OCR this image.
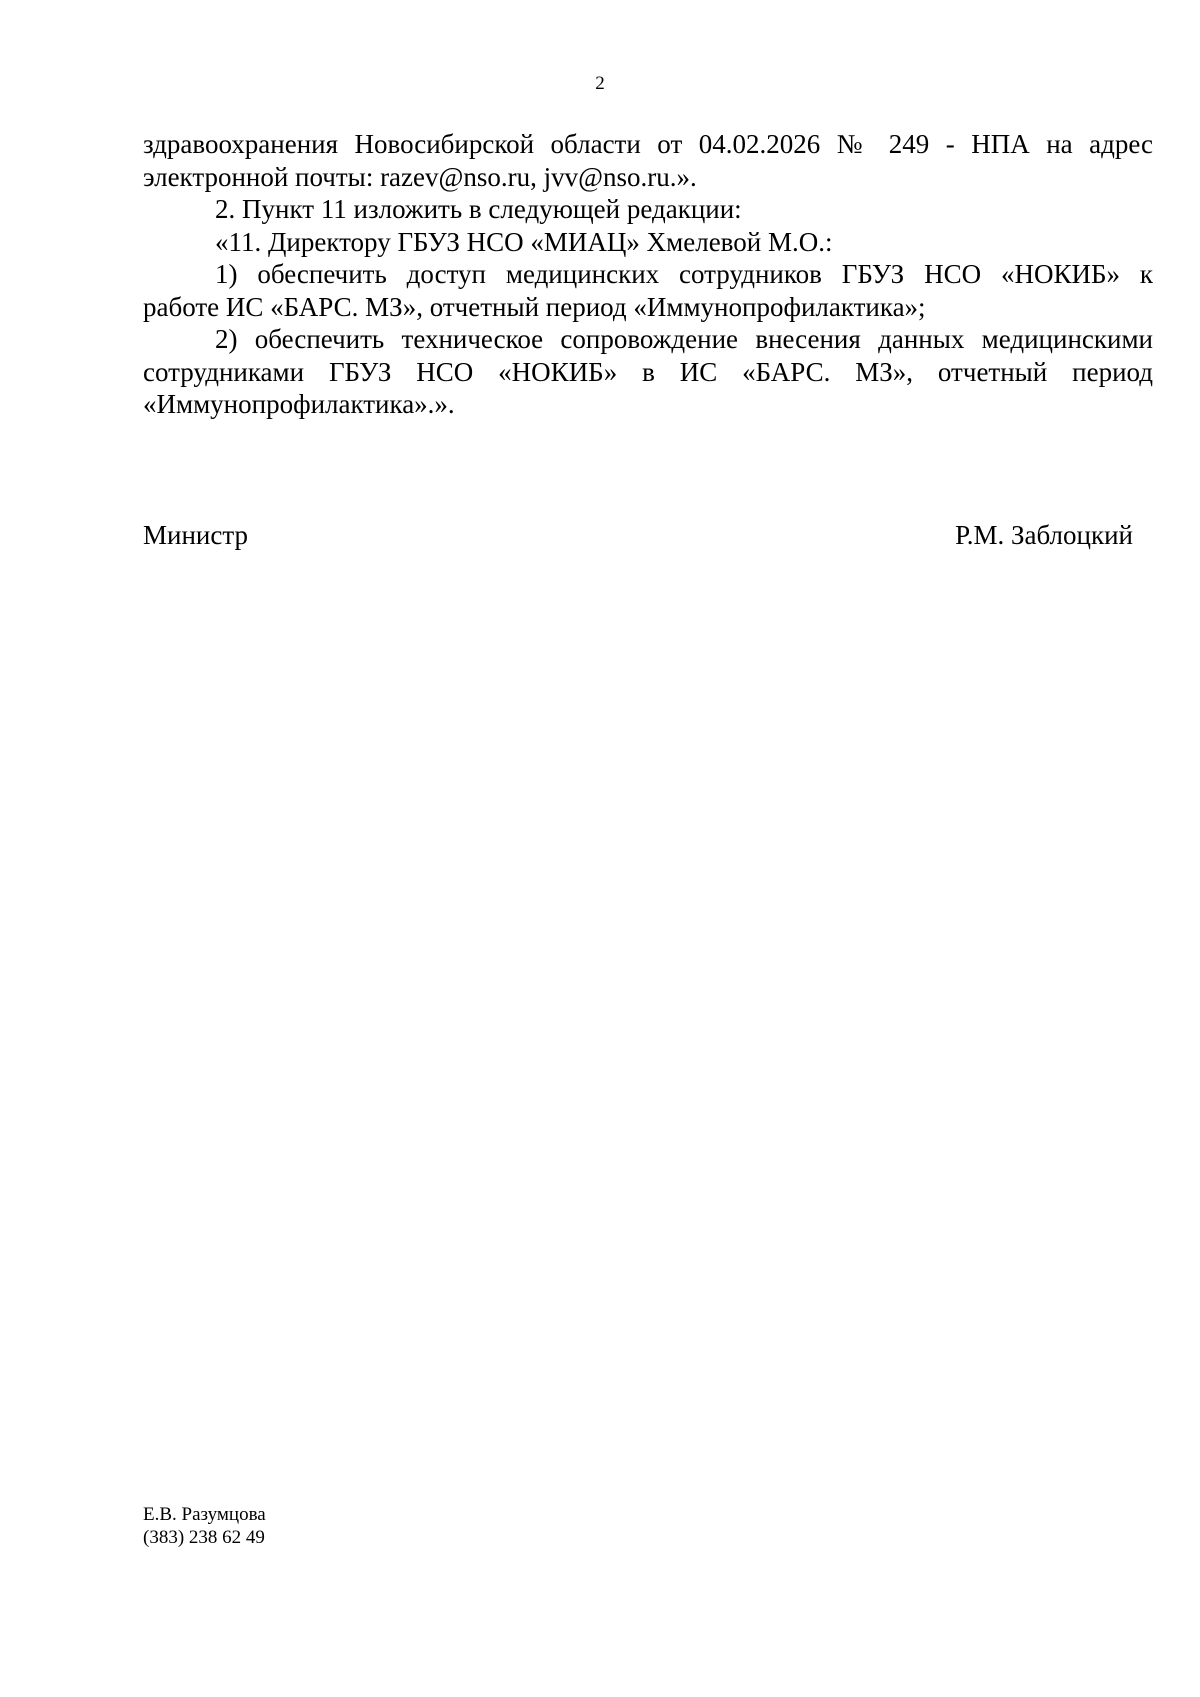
2

здравоохранения Новосибирской области от 04.02.2026 № 249 - НПА на адрес

электронной почты: razev@nso.ru, jvv@nso.ru.».

2. Пункт 11 изложить в следующей редакции:

«11. Директору ГБУЗ НСО «МИАЦ» Хмелевой М.О.:

1) обеспечить доступ медицинских сотрудников ГБУЗ НСО «НОКИБ» к

работе ИС «БАРС. МЗ», отчетный период «Иммунопрофилактика»;

2) обеспечить техническое сопровождение внесения данных медицинскими

сотрудниками ГБУЗ НСО «НОКИБ» в ИС «БАРС. МЗ», отчетный период

«Иммунопрофилактика».».

Министр	Р.М. Заблоцкий
Е.В. Разумцова
(383) 238 62 49
